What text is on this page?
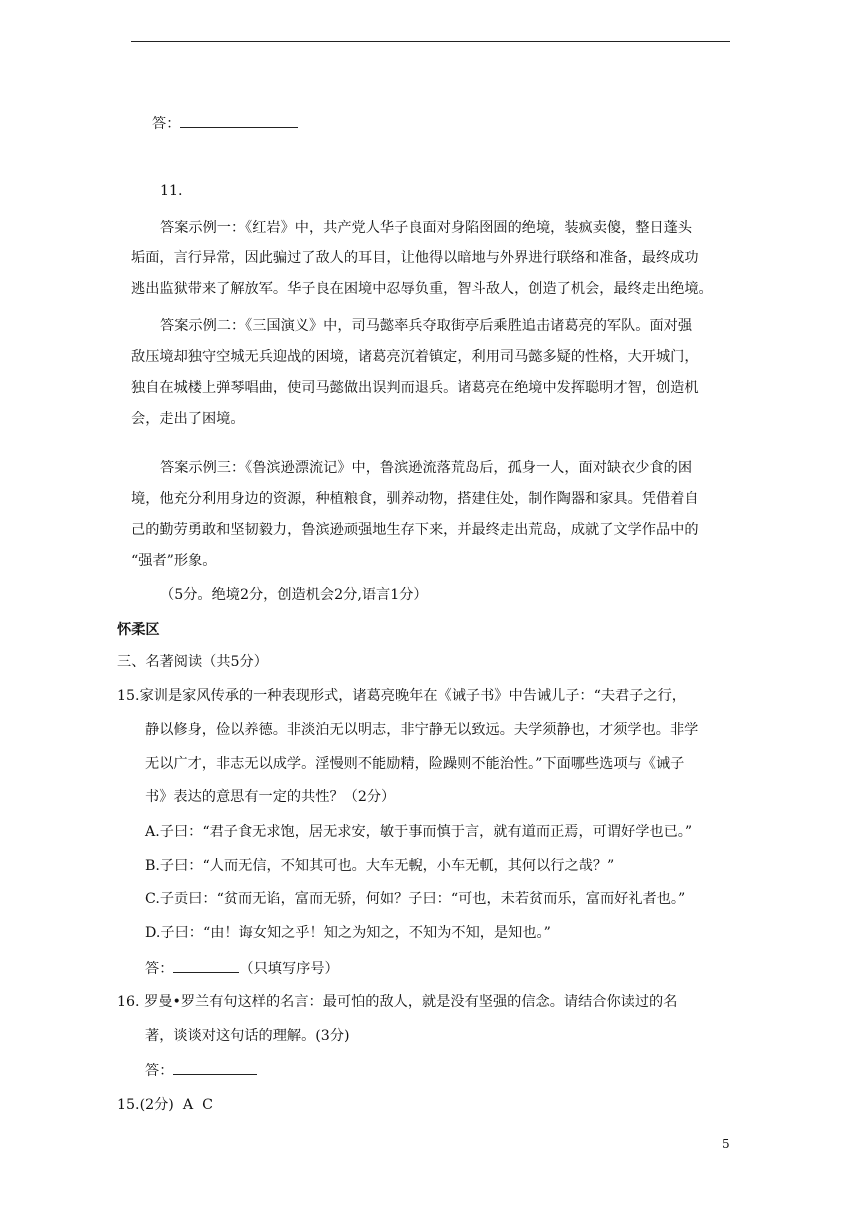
答：
11.
答案示例一：《红岩》中，共产党人华子良面对身陷囹圄的绝境，装疯卖傻，整日蓬头
垢面，言行异常，因此骗过了敌人的耳目，让他得以暗地与外界进行联络和准备，最终成功
逃出监狱带来了解放军。华子良在困境中忍辱负重，智斗敌人，创造了机会，最终走出绝境。
答案示例二：《三国演义》中，司马懿率兵夺取街亭后乘胜追击诸葛亮的军队。面对强
敌压境却独守空城无兵迎战的困境，诸葛亮沉着镇定，利用司马懿多疑的性格，大开城门，
独自在城楼上弹琴唱曲，使司马懿做出误判而退兵。诸葛亮在绝境中发挥聪明才智，创造机
会，走出了困境。
答案示例三：《鲁滨逊漂流记》中，鲁滨逊流落荒岛后，孤身一人，面对缺衣少食的困
境，他充分利用身边的资源，种植粮食，驯养动物，搭建住处，制作陶器和家具。凭借着自
己的勤劳勇敢和坚韧毅力，鲁滨逊顽强地生存下来，并最终走出荒岛，成就了文学作品中的
“强者”形象。
（5分。绝境2分，创造机会2分,语言1分）
怀柔区
三、名著阅读（共5分）
15.家训是家风传承的一种表现形式，诸葛亮晚年在《诫子书》中告诫儿子：“夫君子之行，
静以修身，俭以养德。非淡泊无以明志，非宁静无以致远。夫学须静也，才须学也。非学
无以广才，非志无以成学。淫慢则不能励精，险躁则不能治性。”下面哪些选项与《诫子
书》表达的意思有一定的共性？（2分）
A.子曰：“君子食无求饱，居无求安，敏于事而慎于言，就有道而正焉，可谓好学也已。”
B.子曰：“人而无信，不知其可也。大车无輗，小车无軏，其何以行之哉？”
C.子贡曰：“贫而无谄，富而无骄，何如？子曰：“可也，未若贫而乐，富而好礼者也。”
D.子曰：“由！诲女知之乎！知之为知之，不知为不知，是知也。”
答：	（只填写序号）
16. 罗曼•罗兰有句这样的名言：最可怕的敌人，就是没有坚强的信念。请结合你读过的名
著，谈谈对这句话的理解。(3分)
答：
15.(2分)  A  C
5
